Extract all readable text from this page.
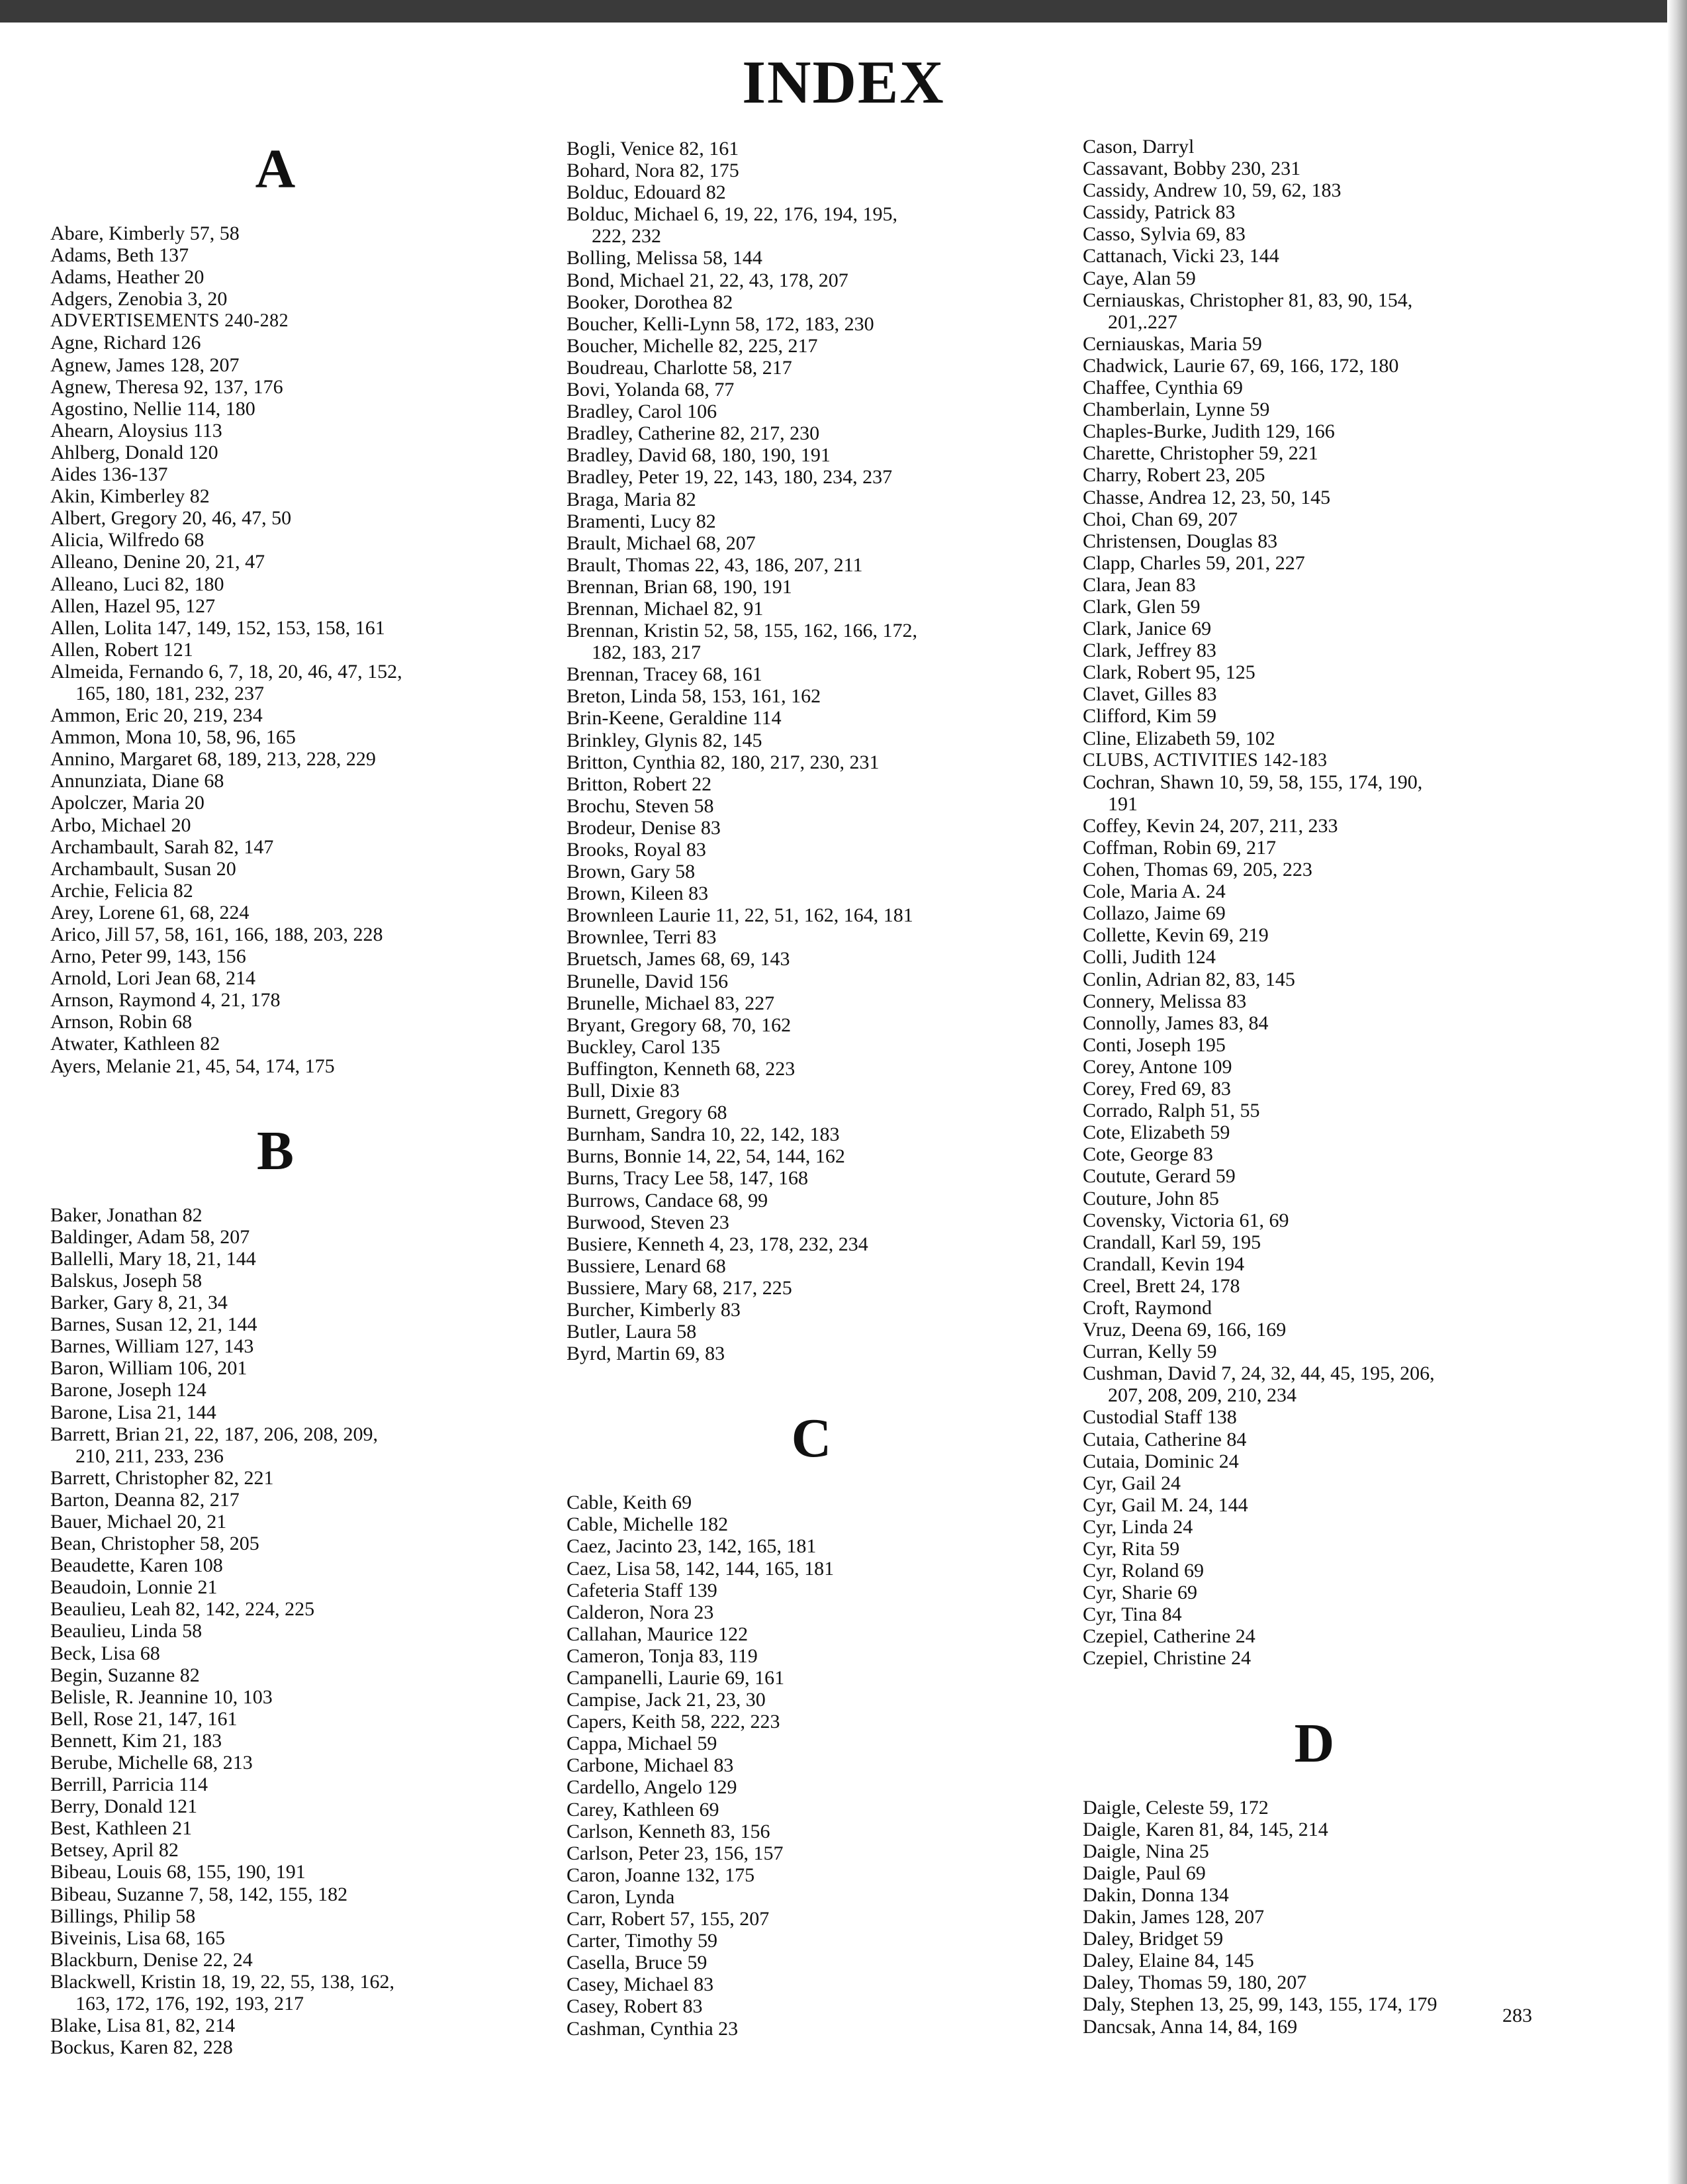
INDEX
A
Abare, Kimberly 57, 58
Adams, Beth 137
Adams, Heather 20
Adgers, Zenobia 3, 20
ADVERTISEMENTS 240-282
Agne, Richard 126
Agnew, James 128, 207
Agnew, Theresa 92, 137, 176
Agostino, Nellie 114, 180
Ahearn, Aloysius 113
Ahlberg, Donald 120
Aides 136-137
Akin, Kimberley 82
Albert, Gregory 20, 46, 47, 50
Alicia, Wilfredo 68
Alleano, Denine 20, 21, 47
Alleano, Luci 82, 180
Allen, Hazel 95, 127
Allen, Lolita 147, 149, 152, 153, 158, 161
Allen, Robert 121
Almeida, Fernando 6, 7, 18, 20, 46, 47, 152,
165, 180, 181, 232, 237
Ammon, Eric 20, 219, 234
Ammon, Mona 10, 58, 96, 165
Annino, Margaret 68, 189, 213, 228, 229
Annunziata, Diane 68
Apolczer, Maria 20
Arbo, Michael 20
Archambault, Sarah 82, 147
Archambault, Susan 20
Archie, Felicia 82
Arey, Lorene 61, 68, 224
Arico, Jill 57, 58, 161, 166, 188, 203, 228
Arno, Peter 99, 143, 156
Arnold, Lori Jean 68, 214
Arnson, Raymond 4, 21, 178
Arnson, Robin 68
Atwater, Kathleen 82
Ayers, Melanie 21, 45, 54, 174, 175
B
Baker, Jonathan 82
Baldinger, Adam 58, 207
Ballelli, Mary 18, 21, 144
Balskus, Joseph 58
Barker, Gary 8, 21, 34
Barnes, Susan 12, 21, 144
Barnes, William 127, 143
Baron, William 106, 201
Barone, Joseph 124
Barone, Lisa 21, 144
Barrett, Brian 21, 22, 187, 206, 208, 209,
210, 211, 233, 236
Barrett, Christopher 82, 221
Barton, Deanna 82, 217
Bauer, Michael 20, 21
Bean, Christopher 58, 205
Beaudette, Karen 108
Beaudoin, Lonnie 21
Beaulieu, Leah 82, 142, 224, 225
Beaulieu, Linda 58
Beck, Lisa 68
Begin, Suzanne 82
Belisle, R. Jeannine 10, 103
Bell, Rose 21, 147, 161
Bennett, Kim 21, 183
Berube, Michelle 68, 213
Berrill, Parricia 114
Berry, Donald 121
Best, Kathleen 21
Betsey, April 82
Bibeau, Louis 68, 155, 190, 191
Bibeau, Suzanne 7, 58, 142, 155, 182
Billings, Philip 58
Biveinis, Lisa 68, 165
Blackburn, Denise 22, 24
Blackwell, Kristin 18, 19, 22, 55, 138, 162,
163, 172, 176, 192, 193, 217
Blake, Lisa 81, 82, 214
Bockus, Karen 82, 228
Bogli, Venice 82, 161
Bohard, Nora 82, 175
Bolduc, Edouard 82
Bolduc, Michael 6, 19, 22, 176, 194, 195,
222, 232
Bolling, Melissa 58, 144
Bond, Michael 21, 22, 43, 178, 207
Booker, Dorothea 82
Boucher, Kelli-Lynn 58, 172, 183, 230
Boucher, Michelle 82, 225, 217
Boudreau, Charlotte 58, 217
Bovi, Yolanda 68, 77
Bradley, Carol 106
Bradley, Catherine 82, 217, 230
Bradley, David 68, 180, 190, 191
Bradley, Peter 19, 22, 143, 180, 234, 237
Braga, Maria 82
Bramenti, Lucy 82
Brault, Michael 68, 207
Brault, Thomas 22, 43, 186, 207, 211
Brennan, Brian 68, 190, 191
Brennan, Michael 82, 91
Brennan, Kristin 52, 58, 155, 162, 166, 172,
182, 183, 217
Brennan, Tracey 68, 161
Breton, Linda 58, 153, 161, 162
Brin-Keene, Geraldine 114
Brinkley, Glynis 82, 145
Britton, Cynthia 82, 180, 217, 230, 231
Britton, Robert 22
Brochu, Steven 58
Brodeur, Denise 83
Brooks, Royal 83
Brown, Gary 58
Brown, Kileen 83
Brownleen Laurie 11, 22, 51, 162, 164, 181
Brownlee, Terri 83
Bruetsch, James 68, 69, 143
Brunelle, David 156
Brunelle, Michael 83, 227
Bryant, Gregory 68, 70, 162
Buckley, Carol 135
Buffington, Kenneth 68, 223
Bull, Dixie 83
Burnett, Gregory 68
Burnham, Sandra 10, 22, 142, 183
Burns, Bonnie 14, 22, 54, 144, 162
Burns, Tracy Lee 58, 147, 168
Burrows, Candace 68, 99
Burwood, Steven 23
Busiere, Kenneth 4, 23, 178, 232, 234
Bussiere, Lenard 68
Bussiere, Mary 68, 217, 225
Burcher, Kimberly 83
Butler, Laura 58
Byrd, Martin 69, 83
C
Cable, Keith 69
Cable, Michelle 182
Caez, Jacinto 23, 142, 165, 181
Caez, Lisa 58, 142, 144, 165, 181
Cafeteria Staff 139
Calderon, Nora 23
Callahan, Maurice 122
Cameron, Tonja 83, 119
Campanelli, Laurie 69, 161
Campise, Jack 21, 23, 30
Capers, Keith 58, 222, 223
Cappa, Michael 59
Carbone, Michael 83
Cardello, Angelo 129
Carey, Kathleen 69
Carlson, Kenneth 83, 156
Carlson, Peter 23, 156, 157
Caron, Joanne 132, 175
Caron, Lynda
Carr, Robert 57, 155, 207
Carter, Timothy 59
Casella, Bruce 59
Casey, Michael 83
Casey, Robert 83
Cashman, Cynthia 23
Cason, Darryl
Cassavant, Bobby 230, 231
Cassidy, Andrew 10, 59, 62, 183
Cassidy, Patrick 83
Casso, Sylvia 69, 83
Cattanach, Vicki 23, 144
Caye, Alan 59
Cerniauskas, Christopher 81, 83, 90, 154,
201,.227
Cerniauskas, Maria 59
Chadwick, Laurie 67, 69, 166, 172, 180
Chaffee, Cynthia 69
Chamberlain, Lynne 59
Chaples-Burke, Judith 129, 166
Charette, Christopher 59, 221
Charry, Robert 23, 205
Chasse, Andrea 12, 23, 50, 145
Choi, Chan 69, 207
Christensen, Douglas 83
Clapp, Charles 59, 201, 227
Clara, Jean 83
Clark, Glen 59
Clark, Janice 69
Clark, Jeffrey 83
Clark, Robert 95, 125
Clavet, Gilles 83
Clifford, Kim 59
Cline, Elizabeth 59, 102
CLUBS, ACTIVITIES 142-183
Cochran, Shawn 10, 59, 58, 155, 174, 190,
191
Coffey, Kevin 24, 207, 211, 233
Coffman, Robin 69, 217
Cohen, Thomas 69, 205, 223
Cole, Maria A. 24
Collazo, Jaime 69
Collette, Kevin 69, 219
Colli, Judith 124
Conlin, Adrian 82, 83, 145
Connery, Melissa 83
Connolly, James 83, 84
Conti, Joseph 195
Corey, Antone 109
Corey, Fred 69, 83
Corrado, Ralph 51, 55
Cote, Elizabeth 59
Cote, George 83
Coutute, Gerard 59
Couture, John 85
Covensky, Victoria 61, 69
Crandall, Karl 59, 195
Crandall, Kevin 194
Creel, Brett 24, 178
Croft, Raymond
Vruz, Deena 69, 166, 169
Curran, Kelly 59
Cushman, David 7, 24, 32, 44, 45, 195, 206,
207, 208, 209, 210, 234
Custodial Staff 138
Cutaia, Catherine 84
Cutaia, Dominic 24
Cyr, Gail 24
Cyr, Gail M. 24, 144
Cyr, Linda 24
Cyr, Rita 59
Cyr, Roland 69
Cyr, Sharie 69
Cyr, Tina 84
Czepiel, Catherine 24
Czepiel, Christine 24
D
Daigle, Celeste 59, 172
Daigle, Karen 81, 84, 145, 214
Daigle, Nina 25
Daigle, Paul 69
Dakin, Donna 134
Dakin, James 128, 207
Daley, Bridget 59
Daley, Elaine 84, 145
Daley, Thomas 59, 180, 207
Daly, Stephen 13, 25, 99, 143, 155, 174, 179
Dancsak, Anna 14, 84, 169	283
